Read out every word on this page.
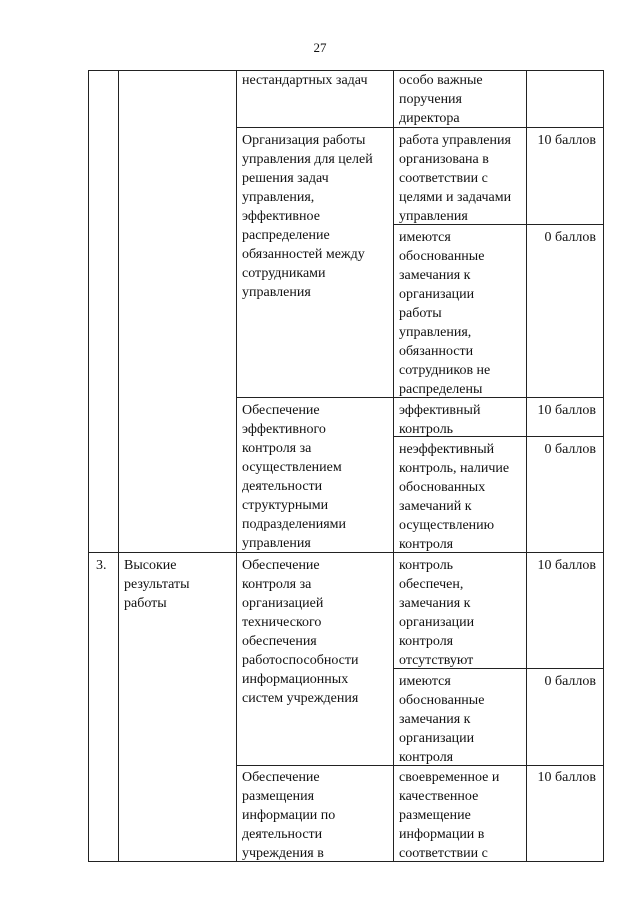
27
3.	Высокие
результаты
работы
нестандартных задач
Организация работы
управления для целей
решения задач
управления,
эффективное
распределение
обязанностей между
сотрудниками
управления
Обеспечение
эффективного
контроля за
осуществлением
деятельности
структурными
подразделениями
управления
Обеспечение
контроля за
организацией
технического
обеспечения
работоспособности
информационных
систем учреждения
Обеспечение
размещения
информации по
деятельности
учреждения в
особо важные
поручения
директора
работа управления
организована в
соответствии с
целями и задачами
управления
имеются
обоснованные
замечания к
организации
работы
управления,
обязанности
сотрудников не
распределены
эффективный
контроль
неэффективный
контроль, наличие
обоснованных
замечаний к
осуществлению
контроля
контроль
обеспечен,
замечания к
организации
контроля
отсутствуют
имеются
обоснованные
замечания к
организации
контроля
своевременное и
качественное
размещение
информации в
соответствии с
10 баллов
0 баллов
10 баллов
0 баллов
10 баллов
0 баллов
10 баллов
